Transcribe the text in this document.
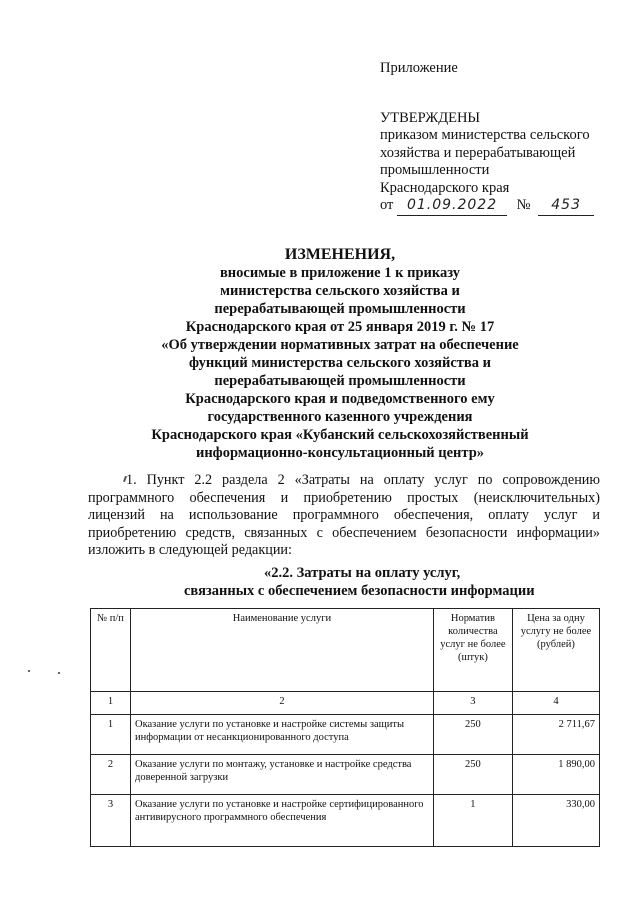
Приложение
УТВЕРЖДЕНЫ
приказом министерства сельского
хозяйства и перерабатывающей
промышленности
Краснодарского края
от 01.09.2022 № 453
ИЗМЕНЕНИЯ,
вносимые в приложение 1 к приказу
министерства сельского хозяйства и
перерабатывающей промышленности
Краснодарского края от 25 января 2019 г. № 17
«Об утверждении нормативных затрат на обеспечение
функций министерства сельского хозяйства и
перерабатывающей промышленности
Краснодарского края и подведомственного ему
государственного казенного учреждения
Краснодарского края «Кубанский сельскохозяйственный
информационно-консультационный центр»
1. Пункт 2.2 раздела 2 «Затраты на оплату услуг по сопровождению программного обеспечения и приобретению простых (неисключительных) лицензий на использование программного обеспечения, оплату услуг и приобретению средств, связанных с обеспечением безопасности информации» изложить в следующей редакции:
«2.2. Затраты на оплату услуг,
связанных с обеспечением безопасности информации
№ п/п	Наименование услуги	Норматив количества услуг не более (штук)	Цена за одну услугу не более (рублей)
1	2	3	4
1	Оказание услуги по установке и настройке системы защиты информации от несанкционированного доступа	250	2 711,67
2	Оказание услуги по монтажу, установке и настройке средства доверенной загрузки	250	1 890,00
3	Оказание услуги по установке и настройке сертифицированного антивирусного программного обеспечения	1	330,00
